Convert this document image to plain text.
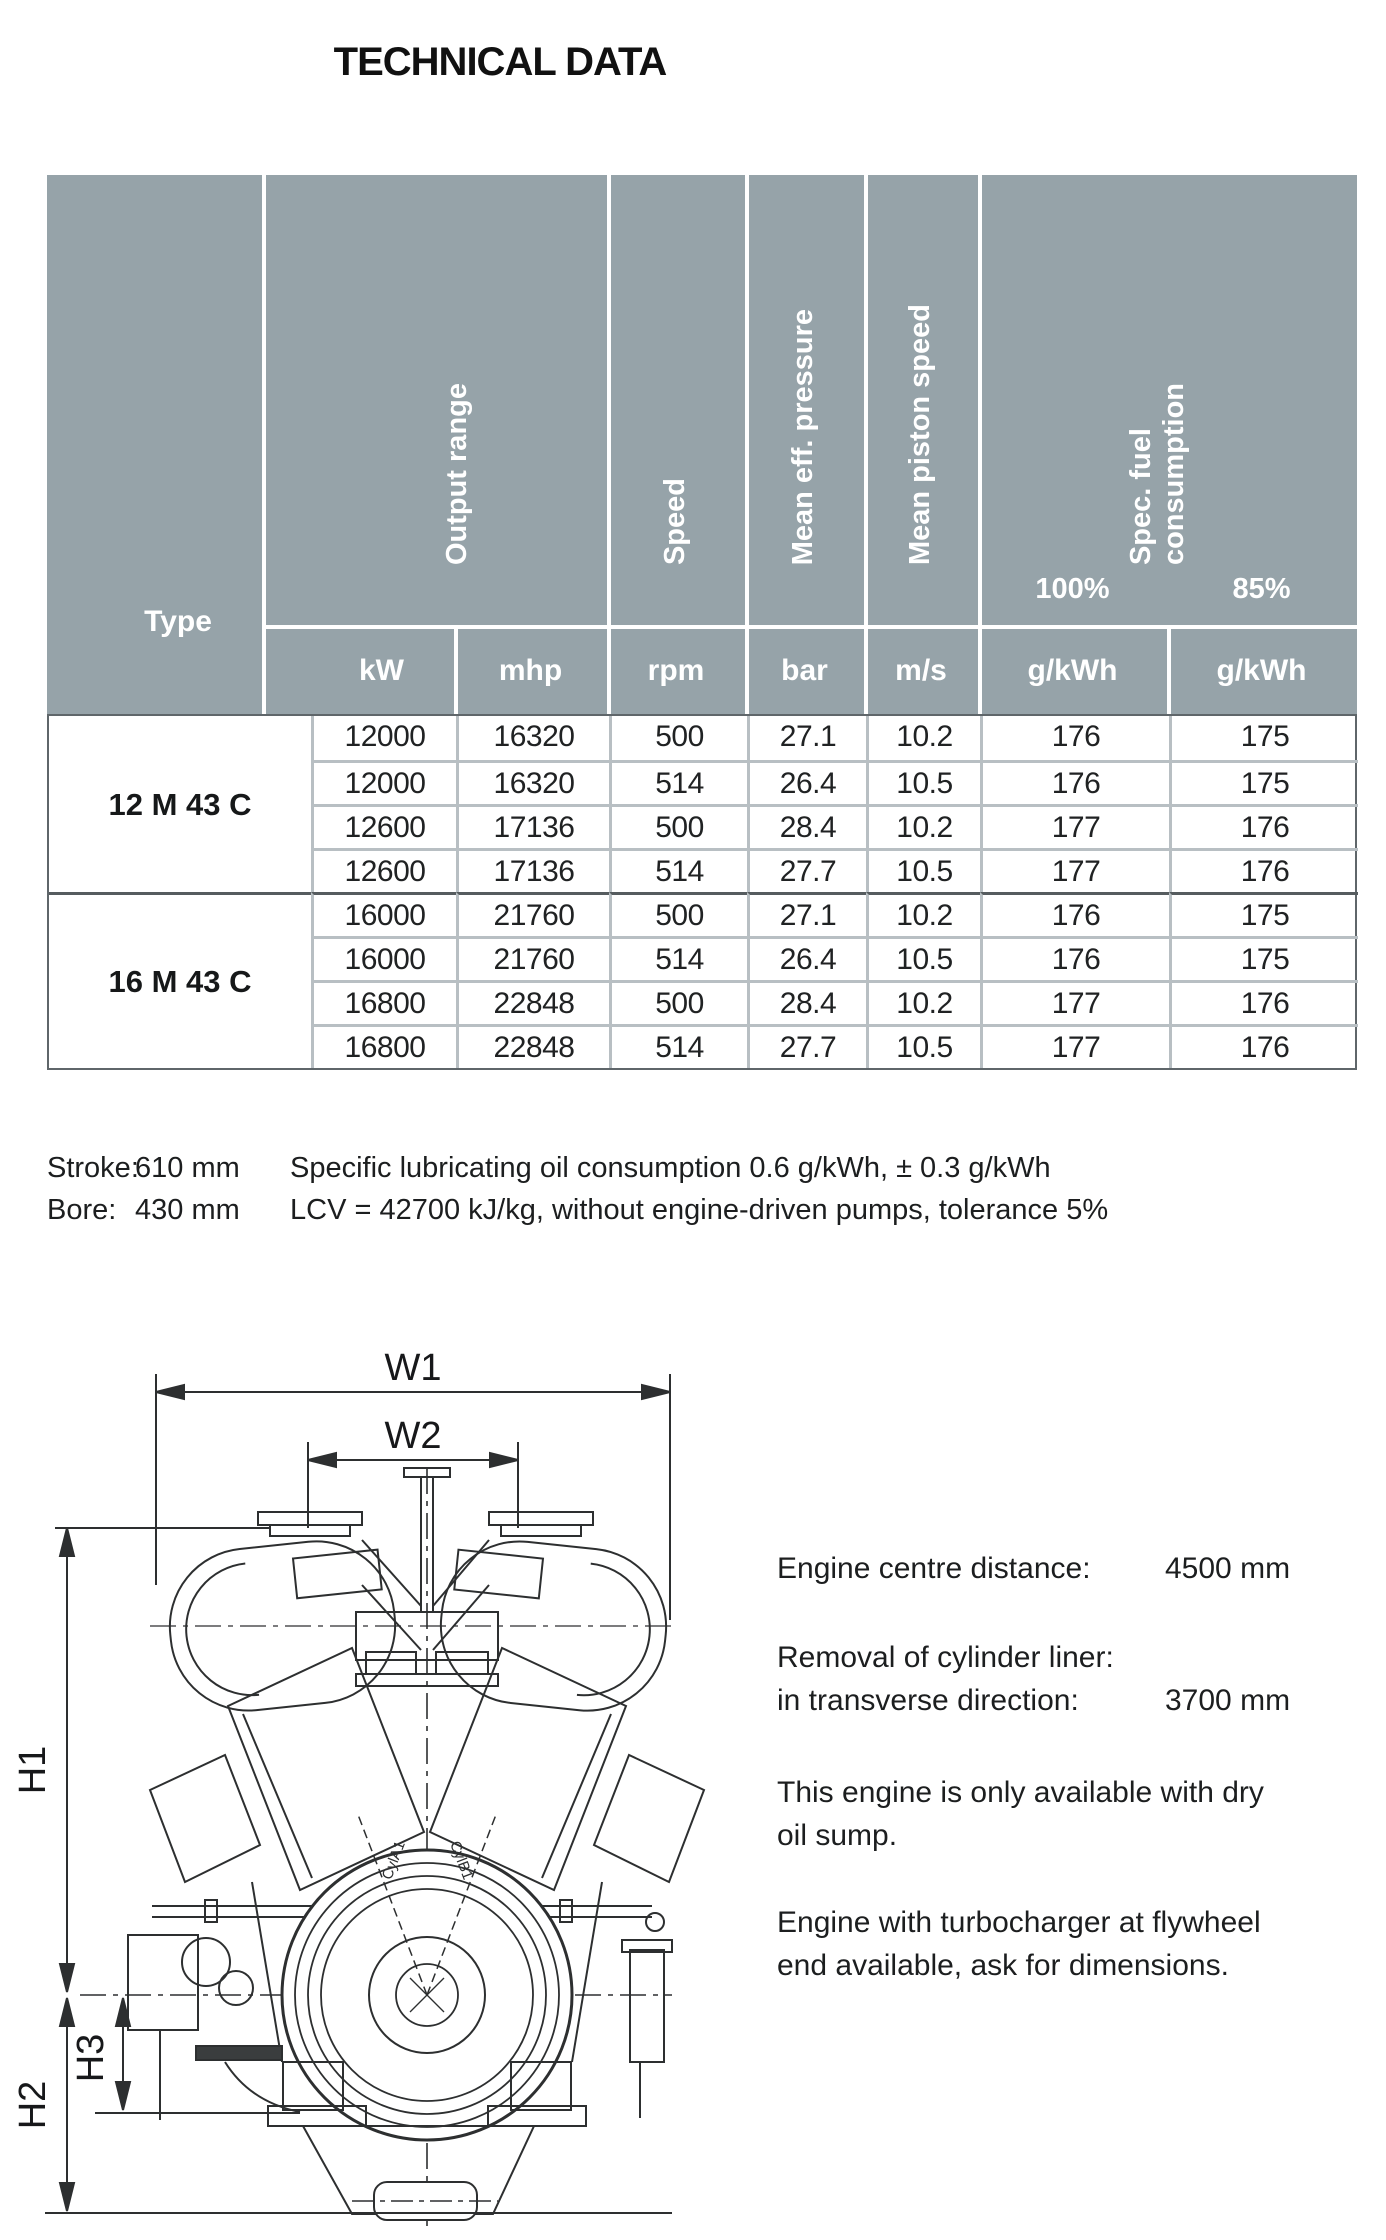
TECHNICAL DATA
Type
Output range	Speed	Mean eff. pressure	Mean piston speed	Spec. fuel consumption
100%	85%
kW	mhp	rpm	bar	m/s	g/kWh	g/kWh
12 M 43 C
12000	16320	500	27.1	10.2	176	175
12000	16320	514	26.4	10.5	176	175
12600	17136	500	28.4	10.2	177	176
12600	17136	514	27.7	10.5	177	176
16 M 43 C
16000	21760	500	27.1	10.2	176	175
16000	21760	514	26.4	10.5	176	175
16800	22848	500	28.4	10.2	177	176
16800	22848	514	27.7	10.5	177	176
Stroke:
610 mm
Bore: 430 mm
Specific lubricating oil consumption 0.6 g/kWh, ± 0.3 g/kWh
LCV = 42700 kJ/kg, without engine-driven pumps, tolerance 5%
W1
W2
H1
H2
H3
CylA1 CylB1
Engine centre distance: 4500 mm
Removal of cylinder liner:
in transverse direction:	3700 mm
This engine is only available with dry
oil sump.
Engine with turbocharger at flywheel
end available, ask for dimensions.
